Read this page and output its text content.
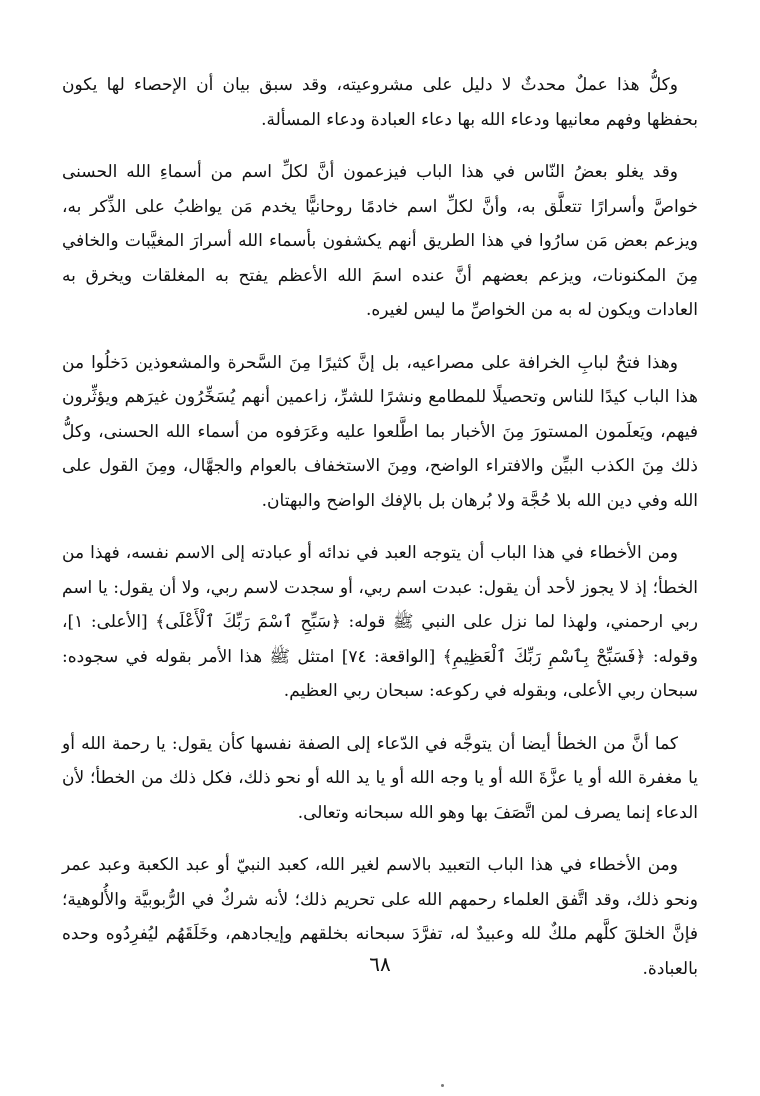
وكلُّ هذا عملٌ محدثٌ لا دليل على مشروعيته، وقد سبق بيان أن الإحصاء لها يكون بحفظها وفهم معانيها ودعاء الله بها دعاء العبادة ودعاء المسألة.

وقد يغلو بعضُ النّاس في هذا الباب فيزعمون أنَّ لكلِّ اسم من أسماءِ الله الحسنى خواصَّ وأسرارًا تتعلَّق به، وأنَّ لكلِّ اسم خادمًا روحانيًّا يخدم مَن يواظبُ على الذِّكر به، ويزعم بعض مَن سارُوا في هذا الطريق أنهم يكشفون بأسماء الله أسرارَ المغيَّبات والخافي مِنَ المكنونات، ويزعم بعضهم أنَّ عنده اسمَ الله الأعظم يفتح به المغلقات ويخرق به العادات ويكون له به من الخواصِّ ما ليس لغيره.

وهذا فتحٌ لبابِ الخرافة على مصراعيه، بل إنَّ كثيرًا مِنَ السَّحرة والمشعوذين دَخلُوا من هذا الباب كيدًا للناس وتحصيلًا للمطامع ونشرًا للشرِّ، زاعمين أنهم يُسَخِّرُون غيرَهم ويؤثِّرون فيهم، ويَعلَمون المستورَ مِنَ الأخبار بما اطَّلعوا عليه وعَرَفوه من أسماء الله الحسنى، وكلُّ ذلك مِنَ الكذب البيِّن والافتراء الواضح، ومِنَ الاستخفاف بالعوام والجهَّال، ومِنَ القول على الله وفي دين الله بلا حُجَّة ولا بُرهان بل بالإفك الواضح والبهتان.

ومن الأخطاء في هذا الباب أن يتوجه العبد في ندائه أو عبادته إلى الاسم نفسه، فهذا من الخطأ؛ إذ لا يجوز لأحد أن يقول: عبدت اسم ربي، أو سجدت لاسم ربي، ولا أن يقول: يا اسم ربي ارحمني، ولهذا لما نزل على النبي ﷺ قوله: ﴿سَبِّحِ ٱسْمَ رَبِّكَ ٱلْأَعْلَى﴾ [الأعلى: ١]، وقوله: ﴿فَسَبِّحْ بِٱسْمِ رَبِّكَ ٱلْعَظِيمِ﴾ [الواقعة: ٧٤] امتثل ﷺ هذا الأمر بقوله في سجوده: سبحان ربي الأعلى، وبقوله في ركوعه: سبحان ربي العظيم.

كما أنَّ من الخطأ أيضا أن يتوجَّه في الدّعاء إلى الصفة نفسها كأن يقول: يا رحمة الله أو يا مغفرة الله أو يا عزَّةَ الله أو يا وجه الله أو يا يد الله أو نحو ذلك، فكل ذلك من الخطأ؛ لأن الدعاء إنما يصرف لمن اتَّصَفَ بها وهو الله سبحانه وتعالى.

ومن الأخطاء في هذا الباب التعبيد بالاسم لغير الله، كعبد النبيّ أو عبد الكعبة وعبد عمر ونحو ذلك، وقد اتَّفق العلماء رحمهم الله على تحريم ذلك؛ لأنه شركٌ في الرُّبوبيَّة والأُلوهية؛ فإنَّ الخلقَ كلَّهم ملكٌ لله وعبيدٌ له، تفرَّدَ سبحانه بخلقهم وإيجادهم، وخَلَقَهُم ليُفرِدُوه وحده بالعبادة.

٦٨
